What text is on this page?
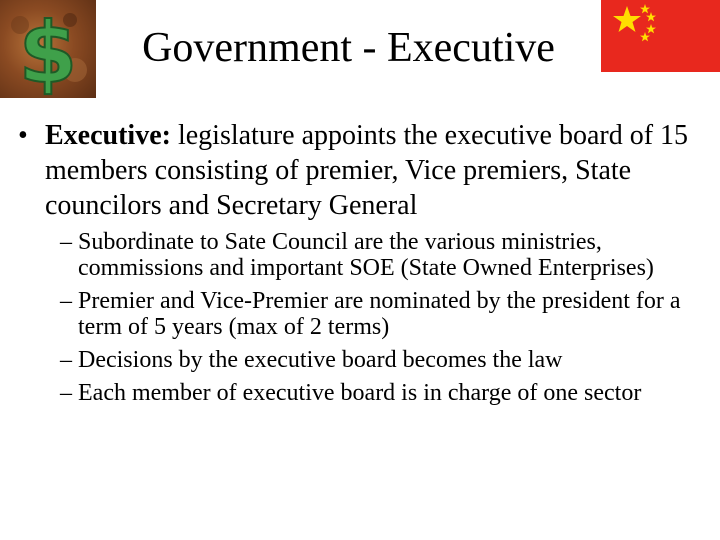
$	Government - Executive
• Executive: legislature appoints the executive board of 15 members consisting of premier, Vice premiers, State councilors and Secretary General
– Subordinate to Sate Council are the various ministries, commissions and important SOE (State Owned Enterprises)
– Premier and Vice-Premier are nominated by the president for a term of 5 years (max of 2 terms)
– Decisions by the executive board becomes the law
– Each member of executive board is in charge of one sector
